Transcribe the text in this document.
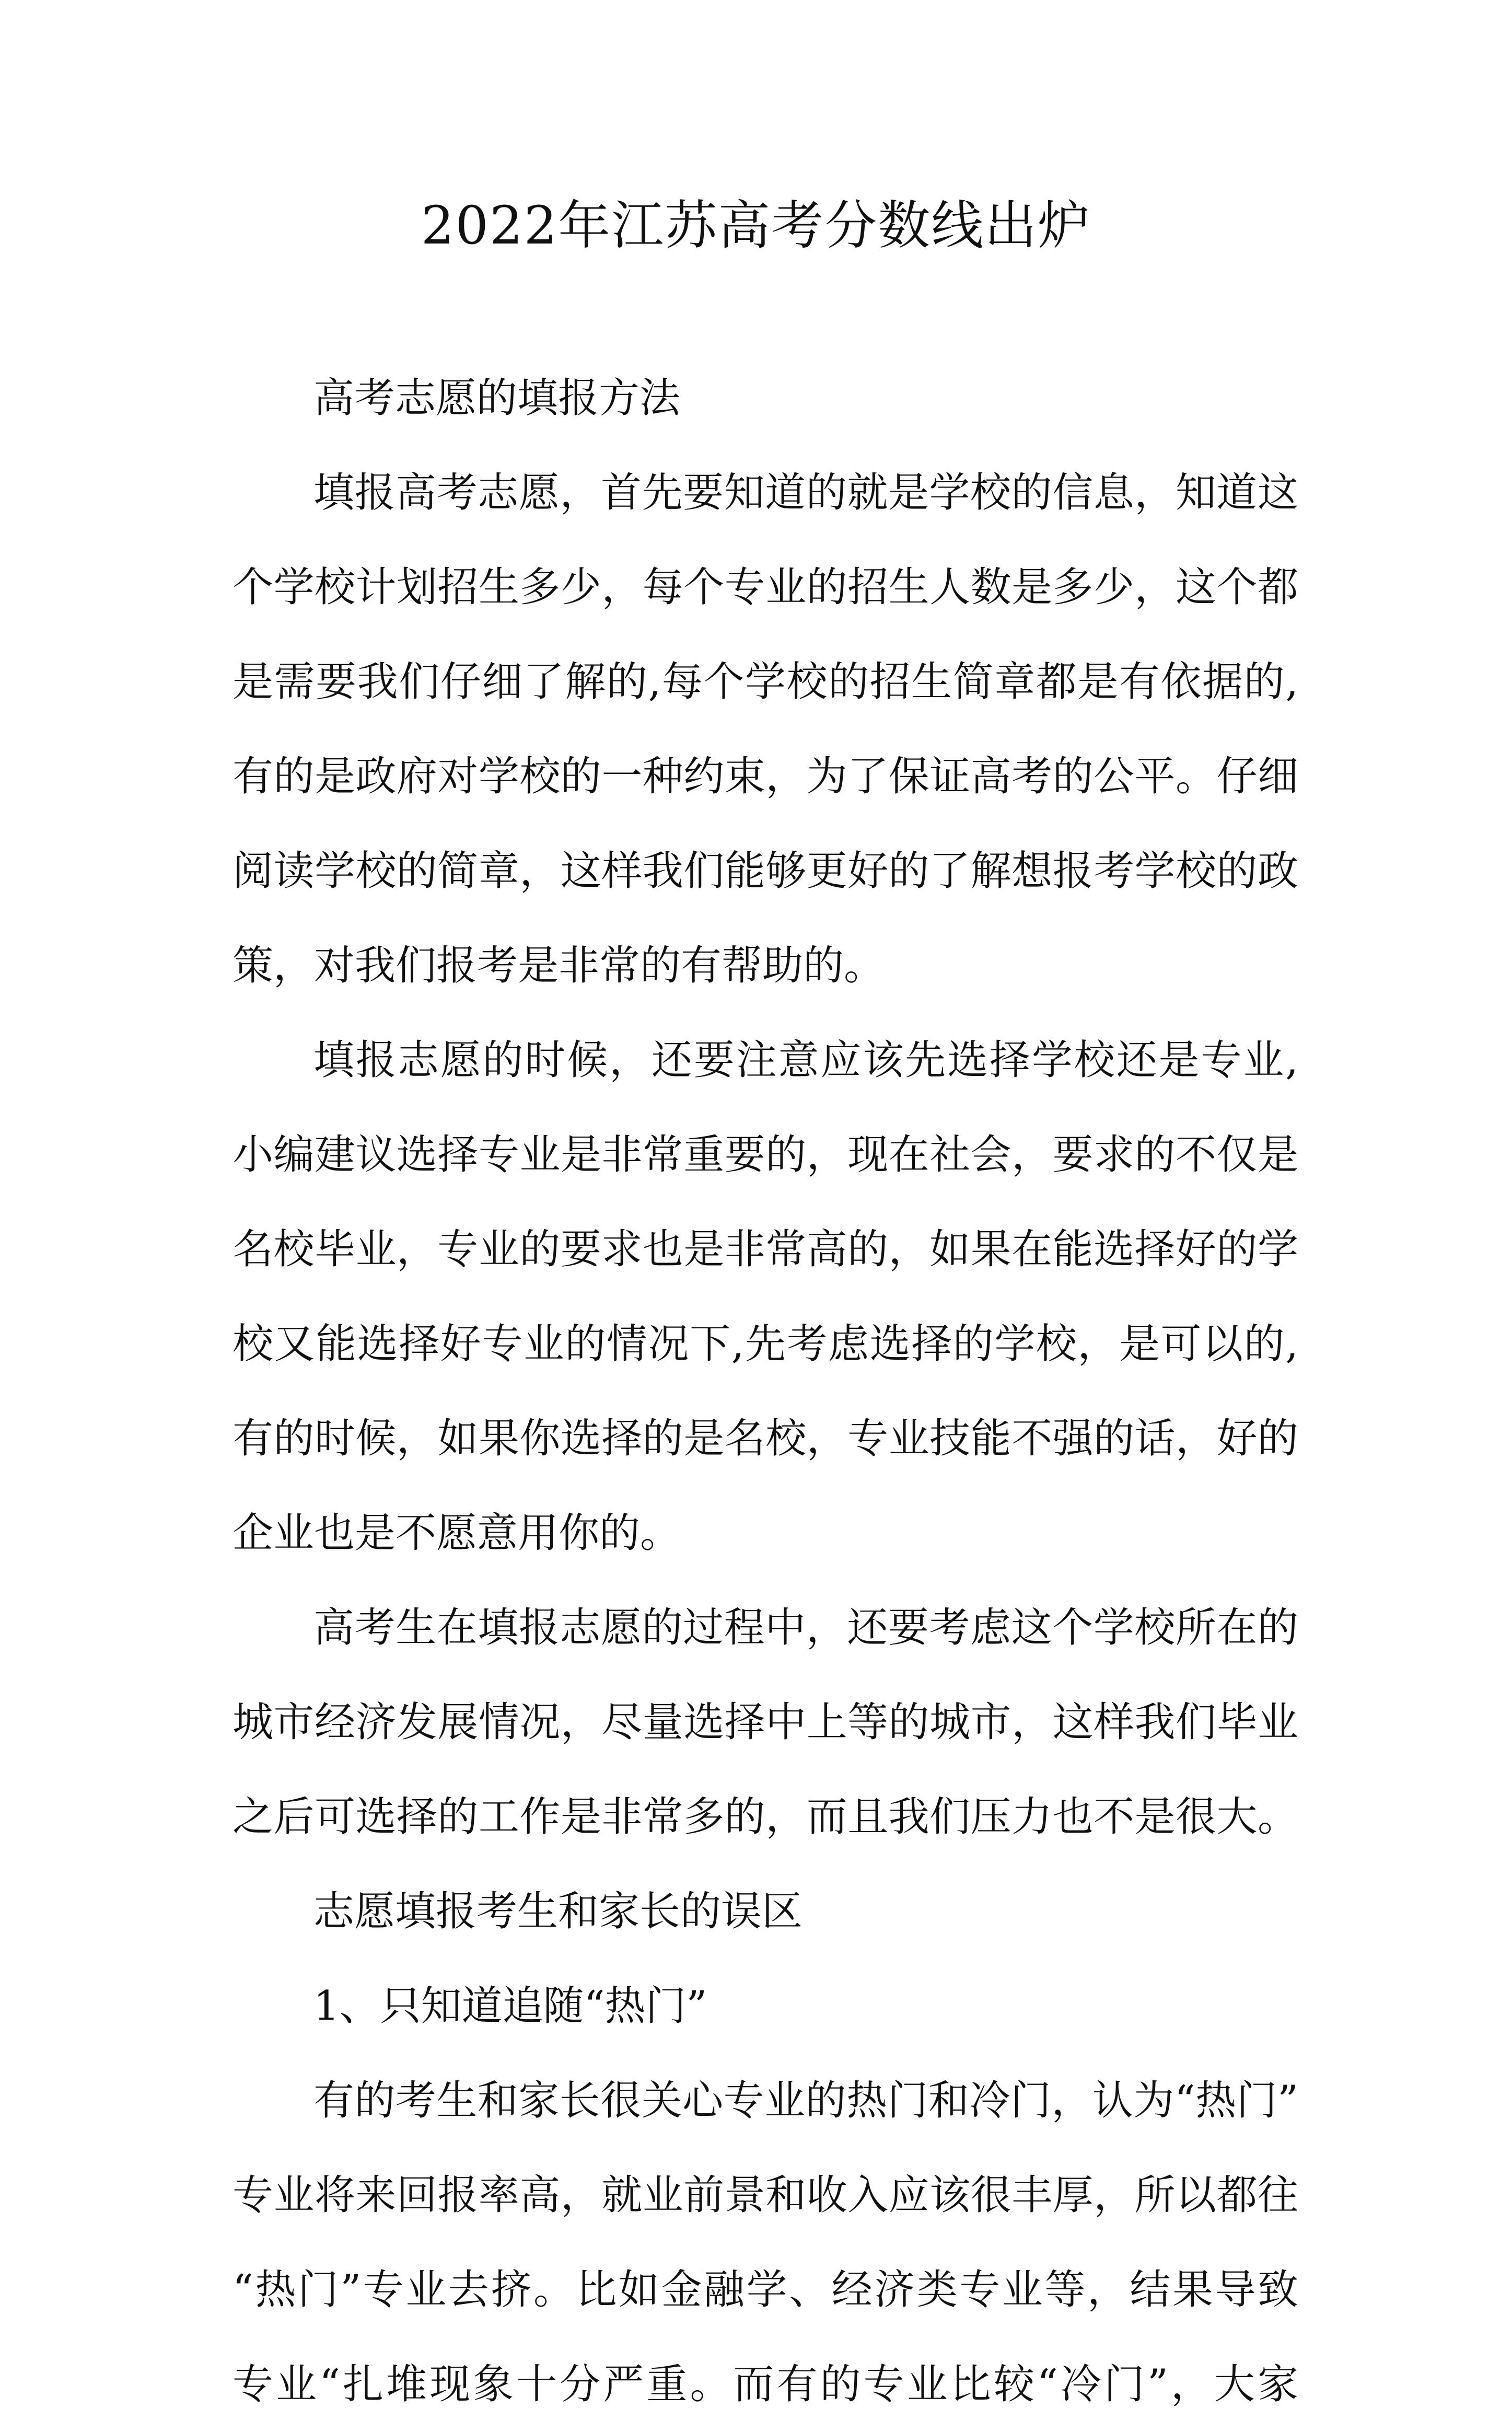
2022年江苏高考分数线出炉

高考志愿的填报方法

填报高考志愿，首先要知道的就是学校的信息，知道这

个学校计划招生多少，每个专业的招生人数是多少，这个都

是需要我们仔细了解的,每个学校的招生简章都是有依据的,

有的是政府对学校的一种约束，为了保证高考的公平。仔细

阅读学校的简章，这样我们能够更好的了解想报考学校的政

策，对我们报考是非常的有帮助的。

填报志愿的时候，还要注意应该先选择学校还是专业,

小编建议选择专业是非常重要的，现在社会，要求的不仅是

名校毕业，专业的要求也是非常高的，如果在能选择好的学

校又能选择好专业的情况下,先考虑选择的学校，是可以的,

有的时候，如果你选择的是名校，专业技能不强的话，好的

企业也是不愿意用你的。

高考生在填报志愿的过程中，还要考虑这个学校所在的

城市经济发展情况，尽量选择中上等的城市，这样我们毕业

之后可选择的工作是非常多的，而且我们压力也不是很大。

志愿填报考生和家长的误区

1、只知道追随“热门”

有的考生和家长很关心专业的热门和冷门，认为“热门”

专业将来回报率高，就业前景和收入应该很丰厚，所以都往

“热门”专业去挤。比如金融学、经济类专业等，结果导致

专业“扎堆现象十分严重。而有的专业比较“冷门”，大家
